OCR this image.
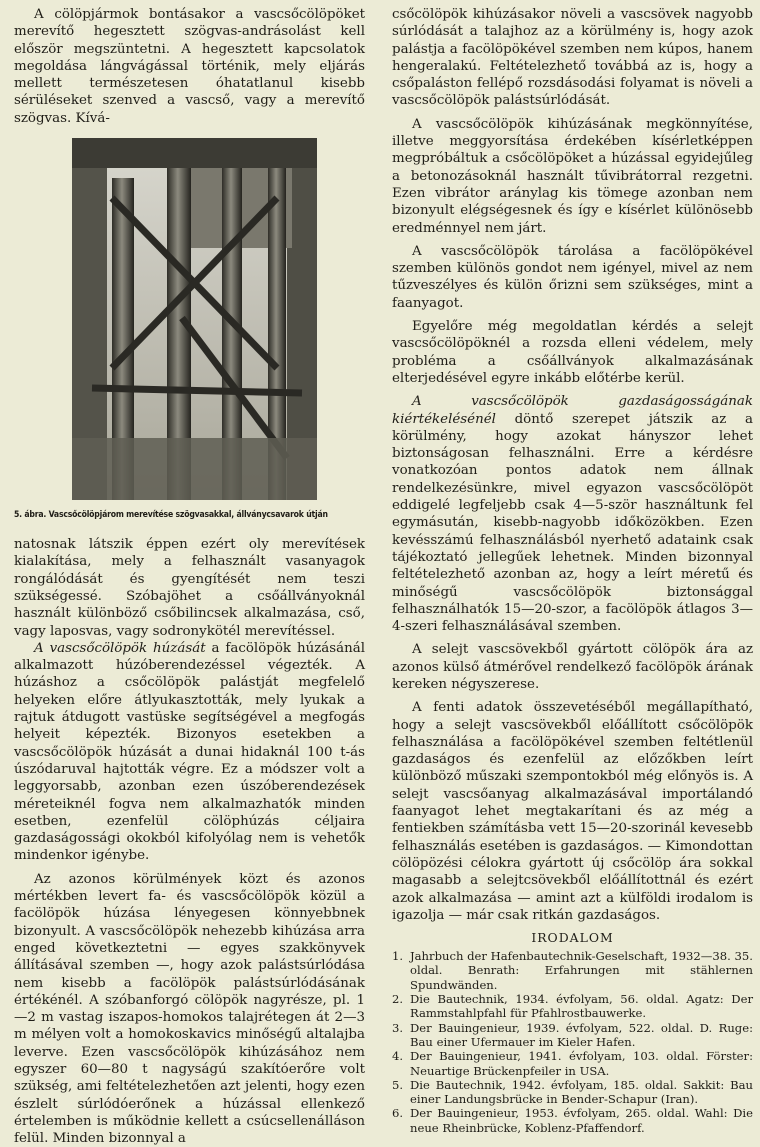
A cölöpjármok bontásakor a vascsőcölöpöket merevítő hegesztett szögvas-andrásolást kell először megszüntetni. A hegesztett kapcsolatok megoldása lángvágással történik, mely eljárás mellett természetesen óhatatlanul kisebb sérüléseket szenved a vascső, vagy a merevítő szögvas. Kívá-

5. ábra. Vascsőcölöpjárom merevítése szögvasakkal, állványcsavarok útján

natosnak látszik éppen ezért oly merevítések kialakítása, mely a felhasznált vasanyagok rongálódását és gyengítését nem teszi szükségessé. Szóbajöhet a csőállványoknál használt különböző csőbilincsek alkalmazása, cső, vagy laposvas, vagy sodronykötél merevítéssel.

A vascsőcölöpök húzását a facölöpök húzásánál alkalmazott húzóberendezéssel végezték. A húzáshoz a csőcölöpök palástját megfelelő helyeken előre átlyukasztották, mely lyukak a rajtuk átdugott vastüske segítségével a megfogás helyeit képezték. Bizonyos esetekben a vascsőcölöpök húzását a dunai hidaknál 100 t-ás úszódaruval hajtották végre. Ez a módszer volt a leggyorsabb, azonban ezen úszóberendezések méreteiknél fogva nem alkalmazhatók minden esetben, ezenfelül cölöphúzás céljaira gazdaságossági okokból kifolyólag nem is vehetők mindenkor igénybe.

Az azonos körülmények közt és azonos mértékben levert fa- és vascsőcölöpök közül a facölöpök húzása lényegesen könnyebbnek bizonyult. A vascsőcölöpök nehezebb kihúzása arra enged következtetni — egyes szakkönyvek állításával szemben —, hogy azok palástsúrlódása nem kisebb a facölöpök palástsúrlódásának értékénél. A szóbanforgó cölöpök nagyrésze, pl. 1—2 m vastag iszapos-homokos talajrétegen át 2—3 m mélyen volt a homokoskavics minőségű altalajba leverve. Ezen vascsőcölöpök kihúzásához nem egyszer 60—80 t nagyságú szakítóerőre volt szükség, ami feltételezhetően azt jelenti, hogy ezen észlelt súrlódóerőnek a húzással ellenkező értelemben is működnie kellett a csúcsellenálláson felül. Minden bizonnyal a

csőcölöpök kihúzásakor növeli a vascsövek nagyobb súrlódását a talajhoz az a körülmény is, hogy azok palástja a facölöpökével szemben nem kúpos, hanem hengeralakú. Feltételezhető továbbá az is, hogy a csőpaláston fellépő rozsdásodási folyamat is növeli a vascsőcölöpök palástsúrlódását.

A vascsőcölöpök kihúzásának megkönnyítése, illetve meggyorsítása érdekében kísérletképpen megpróbáltuk a csőcölöpöket a húzással egyidejűleg a betonozásoknál használt tűvibrátorral rezgetni. Ezen vibrátor aránylag kis tömege azonban nem bizonyult elégségesnek és így e kísérlet különösebb eredménnyel nem járt.

A vascsőcölöpök tárolása a facölöpökével szemben különös gondot nem igényel, mivel az nem tűzveszélyes és külön őrizni sem szükséges, mint a faanyagot.

Egyelőre még megoldatlan kérdés a selejt vascsőcölöpöknél a rozsda elleni védelem, mely probléma a csőállványok alkalmazásának elterjedésével egyre inkább előtérbe kerül.

A vascsőcölöpök gazdaságosságának kiértékelésénél döntő szerepet játszik az a körülmény, hogy azokat hányszor lehet biztonságosan felhasználni. Erre a kérdésre vonatkozóan pontos adatok nem állnak rendelkezésünkre, mivel egyazon vascsőcölöpöt eddigelé legfeljebb csak 4—5-ször használtunk fel egymásután, kisebb-nagyobb időközökben. Ezen kevésszámú felhasználásból nyerhető adataink csak tájékoztató jellegűek lehetnek. Minden bizonnyal feltételezhető azonban az, hogy a leírt méretű és minőségű vascsőcölöpök biztonsággal felhasználhatók 15—20-szor, a facölöpök átlagos 3—4-szeri felhasználásával szemben.

A selejt vascsövekből gyártott cölöpök ára az azonos külső átmérővel rendelkező facölöpök árának kereken négyszerese.

A fenti adatok összevetéséből megállapítható, hogy a selejt vascsövekből előállított csőcölöpök felhasználása a facölöpökével szemben feltétlenül gazdaságos és ezenfelül az előzőkben leírt különböző műszaki szempontokból még előnyös is. A selejt vascsőanyag alkalmazásával importálandó faanyagot lehet megtakarítani és az még a fentiekben számításba vett 15—20-szorinál kevesebb felhasználás esetében is gazdaságos. — Kimondottan cölöpözési célokra gyártott új csőcölöp ára sokkal magasabb a selejtcsövekből előállítottnál és ezért azok alkalmazása — amint azt a külföldi irodalom is igazolja — már csak ritkán gazdaságos.

IRODALOM
1. Jahrbuch der Hafenbautechnik-Geselschaft, 1932—38. 35. oldal. Benrath: Erfahrungen mit stählernen Spundwänden.
2. Die Bautechnik, 1934. évfolyam, 56. oldal. Agatz: Der Rammstahlpfahl für Pfahlrostbauwerke.
3. Der Bauingenieur, 1939. évfolyam, 522. oldal. D. Ruge: Bau einer Ufermauer im Kieler Hafen.
4. Der Bauingenieur, 1941. évfolyam, 103. oldal. Förster: Neuartige Brückenpfeiler in USA.
5. Die Bautechnik, 1942. évfolyam, 185. oldal. Sakkit: Bau einer Landungsbrücke in Bender-Schapur (Iran).
6. Der Bauingenieur, 1953. évfolyam, 265. oldal. Wahl: Die neue Rheinbrücke, Koblenz-Pfaffendorf.
